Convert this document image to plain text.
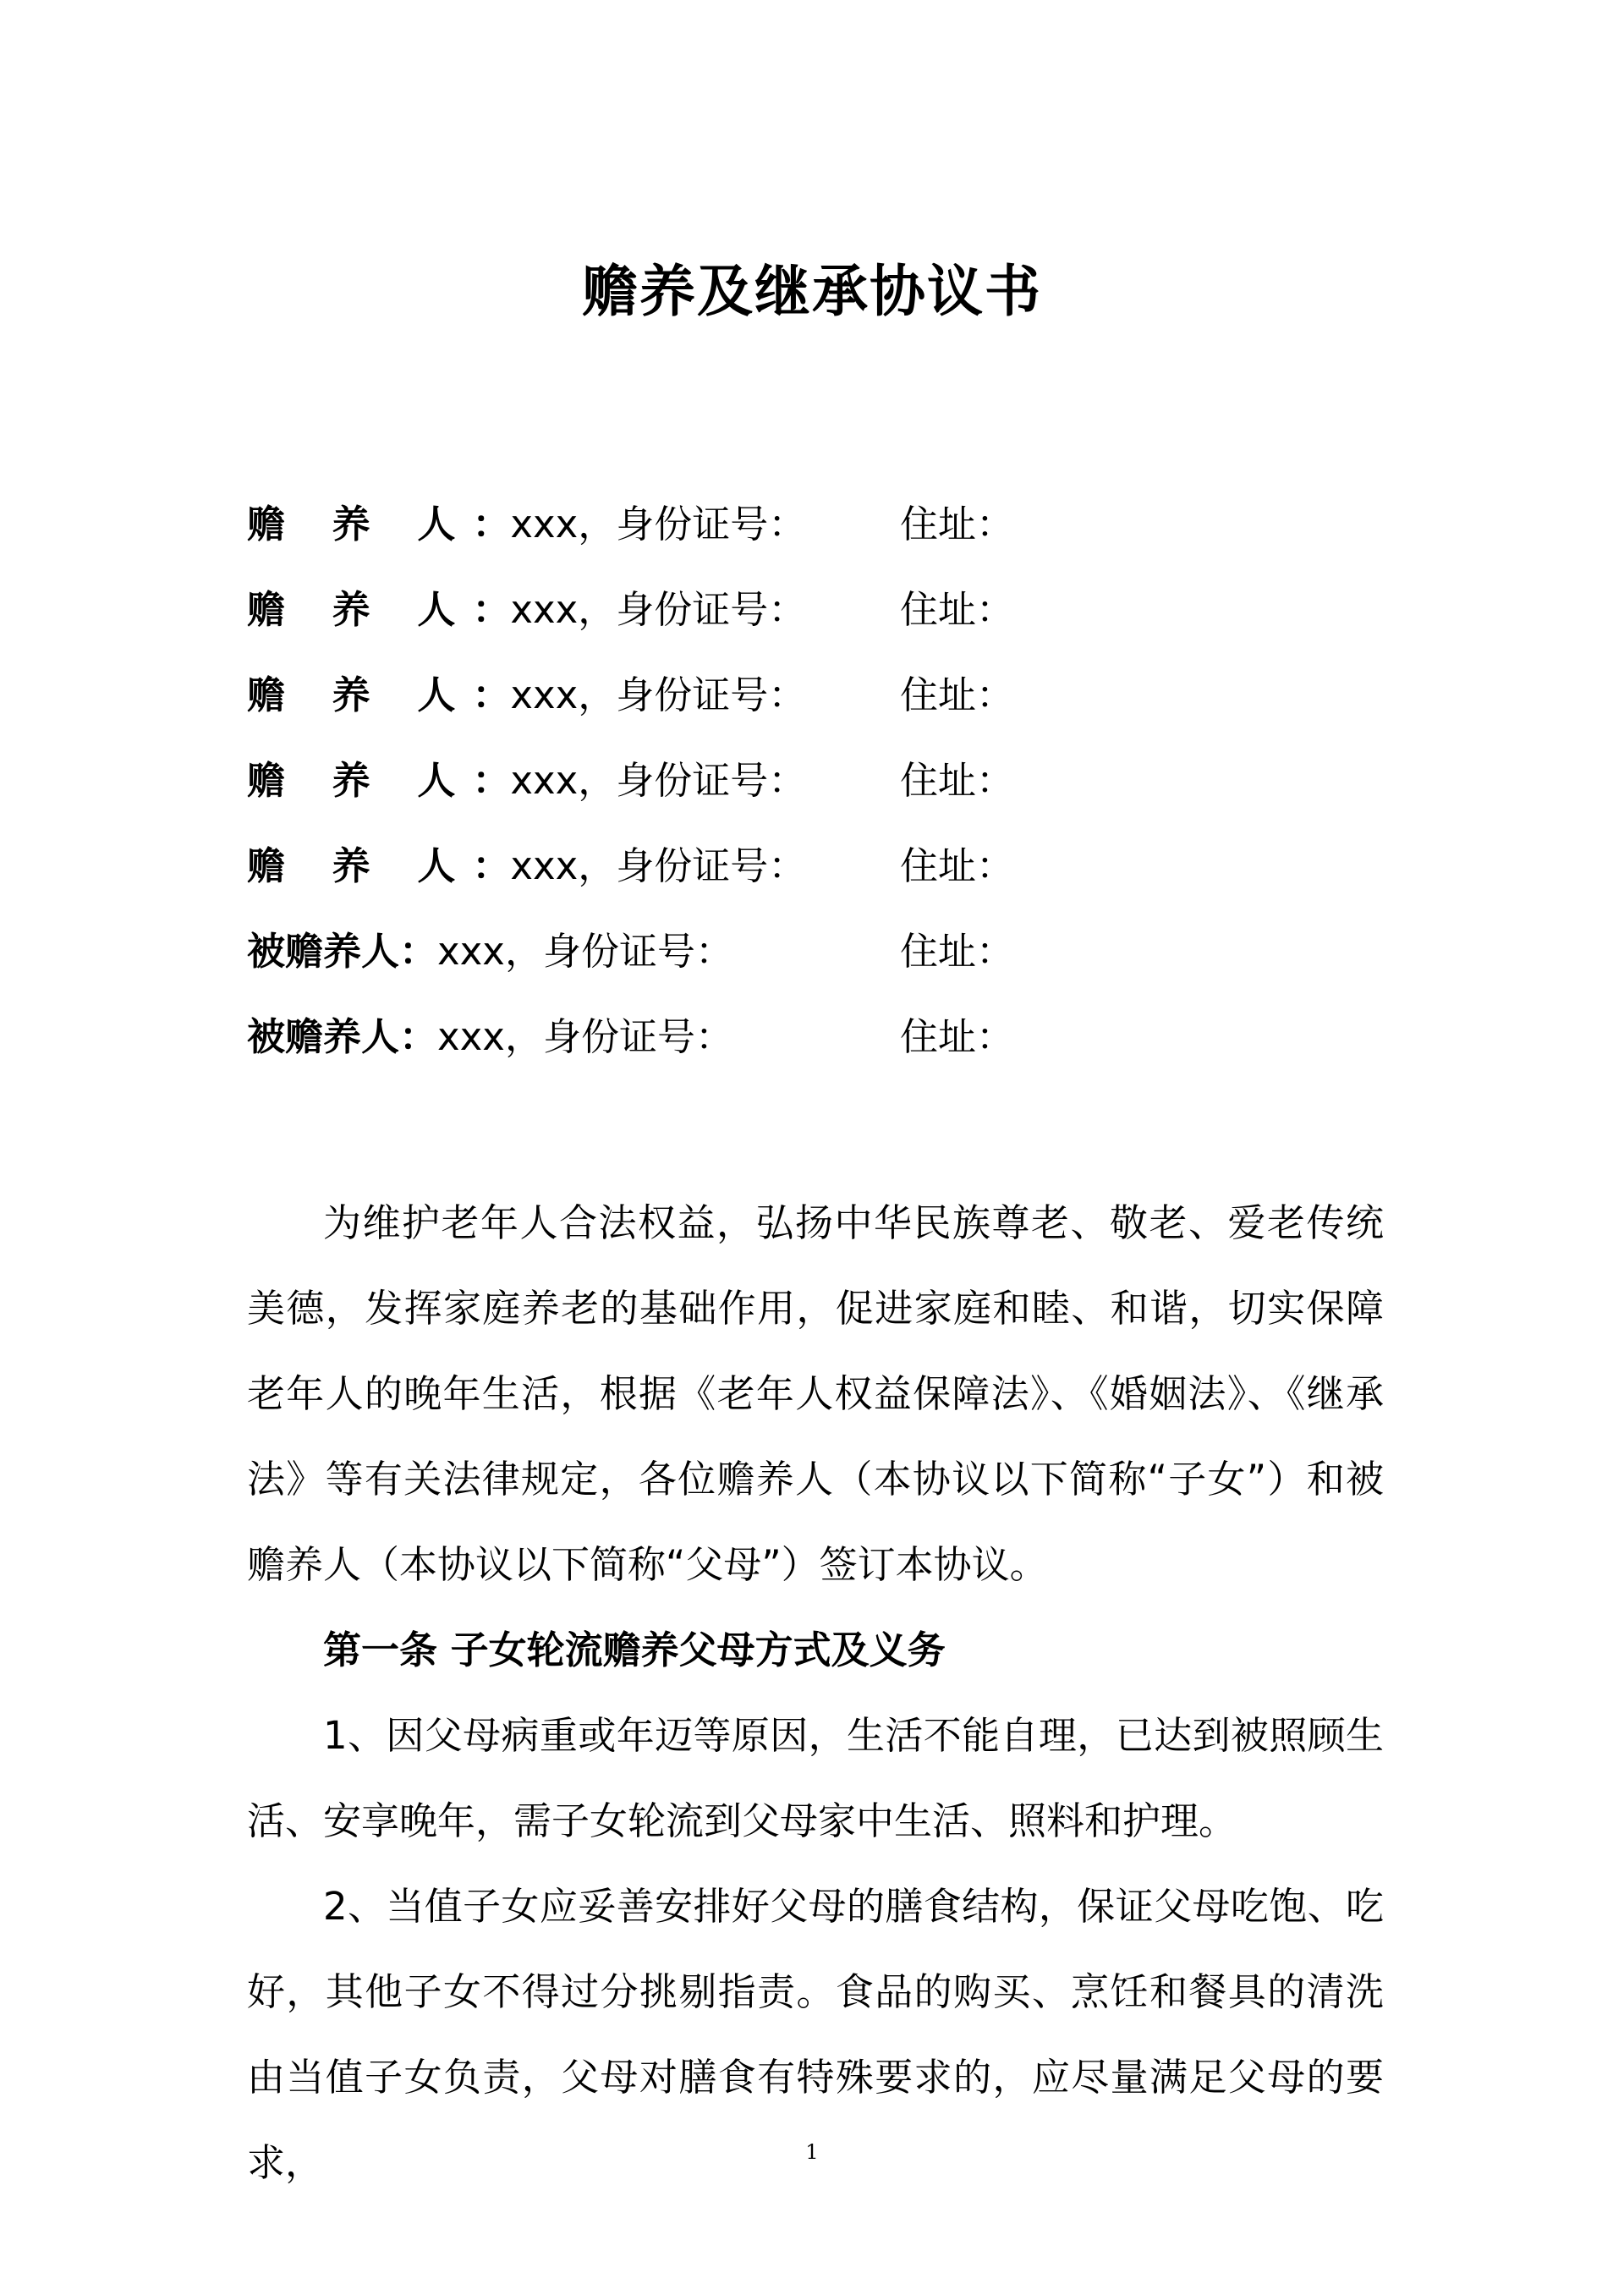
赡养及继承协议书
赡 养 人：xxx，身份证号： 住址：
赡 养 人：xxx，身份证号： 住址：
赡 养 人：xxx，身份证号： 住址：
赡 养 人：xxx，身份证号： 住址：
赡 养 人：xxx，身份证号： 住址：
被赡养人：xxx，身份证号：	住址：
被赡养人：xxx，身份证号：	住址：

为维护老年人合法权益，弘扬中华民族尊老、敬老、爱老传统美德，发挥家庭养老的基础作用，促进家庭和睦、和谐，切实保障老年人的晚年生活，根据《老年人权益保障法》、《婚姻法》、《继承法》等有关法律规定，各位赡养人（本协议以下简称“子女”）和被赡养人（本协议以下简称“父母”）签订本协议。

第一条 子女轮流赡养父母方式及义务

1、因父母病重或年迈等原因，生活不能自理，已达到被照顾生活、安享晚年，需子女轮流到父母家中生活、照料和护理。

2、当值子女应妥善安排好父母的膳食结构，保证父母吃饱、吃好，其他子女不得过分挑剔指责。食品的购买、烹饪和餐具的清洗由当值子女负责，父母对膳食有特殊要求的，应尽量满足父母的要求，	1
